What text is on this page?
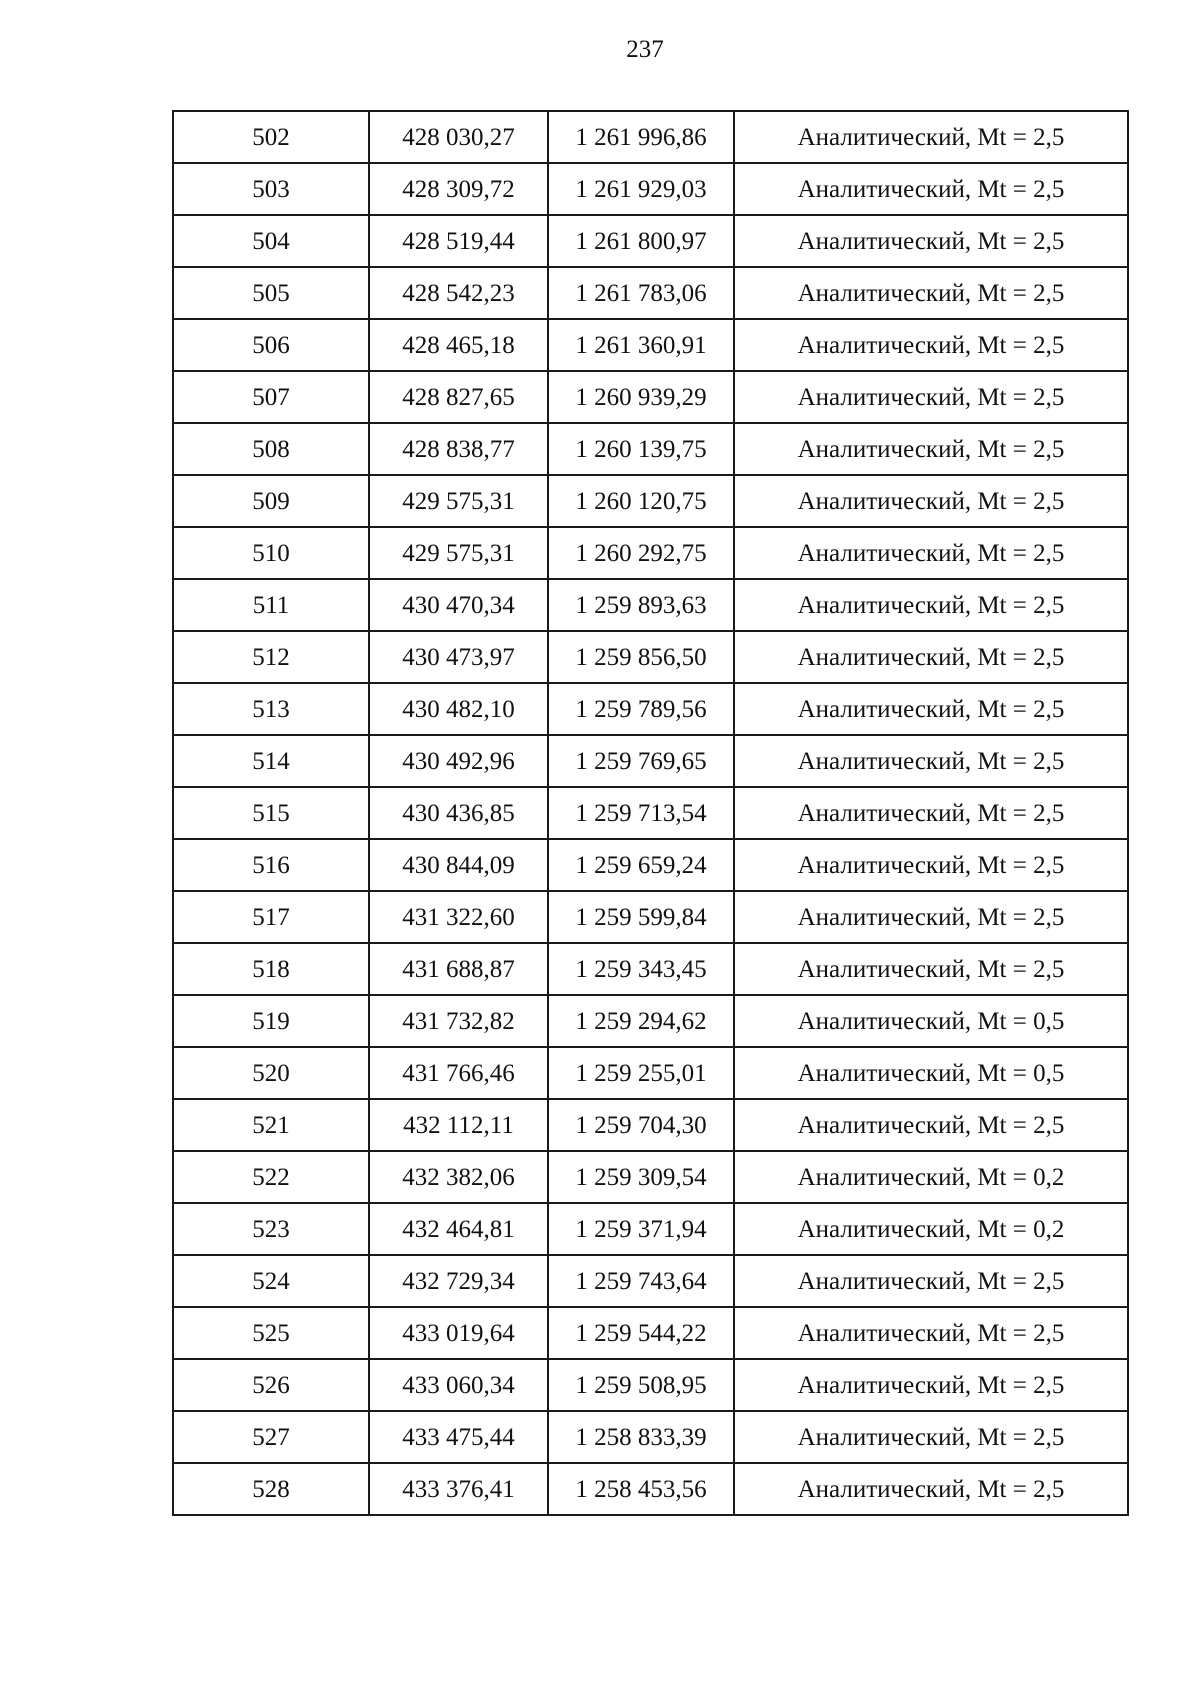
237
502	428 030,27	1 261 996,86	Аналитический, Mt = 2,5
503	428 309,72	1 261 929,03	Аналитический, Mt = 2,5
504	428 519,44	1 261 800,97	Аналитический, Mt = 2,5
505	428 542,23	1 261 783,06	Аналитический, Mt = 2,5
506	428 465,18	1 261 360,91	Аналитический, Mt = 2,5
507	428 827,65	1 260 939,29	Аналитический, Mt = 2,5
508	428 838,77	1 260 139,75	Аналитический, Mt = 2,5
509	429 575,31	1 260 120,75	Аналитический, Mt = 2,5
510	429 575,31	1 260 292,75	Аналитический, Mt = 2,5
511	430 470,34	1 259 893,63	Аналитический, Mt = 2,5
512	430 473,97	1 259 856,50	Аналитический, Mt = 2,5
513	430 482,10	1 259 789,56	Аналитический, Mt = 2,5
514	430 492,96	1 259 769,65	Аналитический, Mt = 2,5
515	430 436,85	1 259 713,54	Аналитический, Mt = 2,5
516	430 844,09	1 259 659,24	Аналитический, Mt = 2,5
517	431 322,60	1 259 599,84	Аналитический, Mt = 2,5
518	431 688,87	1 259 343,45	Аналитический, Mt = 2,5
519	431 732,82	1 259 294,62	Аналитический, Mt = 0,5
520	431 766,46	1 259 255,01	Аналитический, Mt = 0,5
521	432 112,11	1 259 704,30	Аналитический, Mt = 2,5
522	432 382,06	1 259 309,54	Аналитический, Mt = 0,2
523	432 464,81	1 259 371,94	Аналитический, Mt = 0,2
524	432 729,34	1 259 743,64	Аналитический, Mt = 2,5
525	433 019,64	1 259 544,22	Аналитический, Mt = 2,5
526	433 060,34	1 259 508,95	Аналитический, Mt = 2,5
527	433 475,44	1 258 833,39	Аналитический, Mt = 2,5
528	433 376,41	1 258 453,56	Аналитический, Mt = 2,5
